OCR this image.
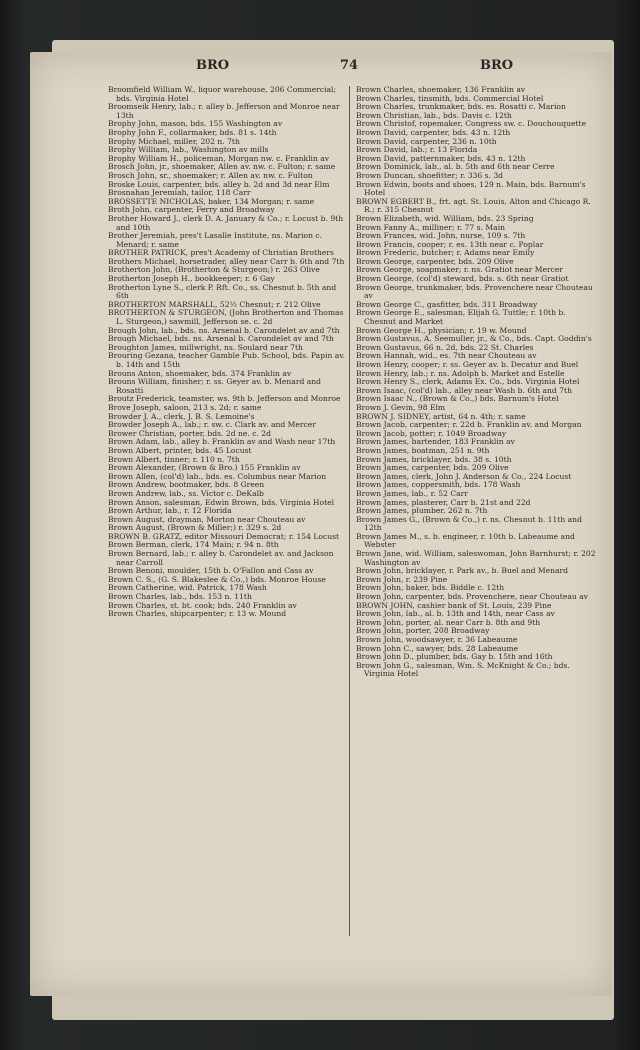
BRO	74	BRO
Broomfield William W., liquor warehouse, 206 Commercial; bds. Virginia Hotel
Broomseik Henry, lab.; r. alley b. Jefferson and Monroe near 13th
Brophy John, mason, bds. 155 Washington av
Brophy John F., collarmaker, bds. 81 s. 14th
Brophy Michael, miller, 202 n. 7th
Brophy William, lab., Washington av mills
Brophy William H., policeman, Morgan nw. c. Franklin av
Brosch John, jr., shoemaker, Allen av. nw. c. Fulton; r. same
Brosch John, sr., shoemaker; r. Allen av. nw. c. Fulton
Broske Louis, carpenter, bds. alley b. 2d and 3d near Elm
Brosnahan Jeremiah, tailor, 118 Carr
BROSSETTE NICHOLAS, baker, 134 Morgan; r. same
Broth John, carpenter, Ferry and Broadway
Brother Howard J., clerk D. A. January & Co.; r. Locust b. 9th and 10th
Brother Jeremiah, pres't Lasalle Institute, ns. Marion c. Menard; r. same
BROTHER PATRICK, pres't Academy of Christian Brothers
Brothers Michael, horsetrader, alley near Carr b. 6th and 7th
Brotherton John, (Brotherton & Sturgeon;) r. 263 Olive
Brotherton Joseph H., bookkeeper; r. 6 Gay
Brotherton Lyne S., clerk P. Rft. Co., ss. Chesnut b. 5th and 6th
BROTHERTON MARSHALL, 52½ Chesnut; r. 212 Olive
BROTHERTON & STURGEON, (John Brotherton and Thomas L. Sturgeon,) sawmill, Jefferson se. c. 2d
Brough John, lab., bds. ns. Arsenal b. Carondelet av and 7th
Brough Michael, bds. ns. Arsenal b. Carondelet av and 7th
Broughton James, millwright, ns. Soulard near 7th
Brouring Gezana, teacher Gamble Pub. School, bds. Papin av. b. 14th and 15th
Brouns Anton, shoemaker, bds. 374 Franklin av
Brouns William, finisher; r. ss. Geyer av. b. Menard and Rosatti
Broutz Frederick, teamster, ws. 9th b. Jefferson and Monroe
Brove Joseph, saloon, 213 s. 2d; r. same
Browder J. A., clerk, J. B. S. Lemoine's
Browder Joseph A., lab.; r. sw. c. Clark av. and Mercer
Brower Christian, porter, bds. 2d ne. c. 2d
Brown Adam, lab., alley b. Franklin av and Wash near 17th
Brown Albert, printer, bds. 45 Locust
Brown Albert, tinner; r. 110 n. 7th
Brown Alexander, (Brown & Bro.) 155 Franklin av
Brown Allen, (col'd) lab., bds. es. Columbus near Marion
Brown Andrew, bootmaker, bds. 8 Green
Brown Andrew, lab., ss. Victor c. DeKalb
Brown Anson, salesman, Edwin Brown, bds. Virginia Hotel
Brown Arthur, lab., r. 12 Florida
Brown August, drayman, Morton near Chouteau av
Brown August, (Brown & Miller;) r. 329 s. 2d
BROWN B. GRATZ, editor Missouri Democrat; r. 154 Locust
Brown Berman, clerk, 174 Main; r. 94 n. 8th
Brown Bernard, lab.; r. alley b. Carondelet av. and Jackson near Carroll
Brown Benoni, moulder, 15th b. O'Fallon and Cass av
Brown C. S., (G. S. Blakeslee & Co.,) bds. Monroe House
Brown Catherine, wid. Patrick, 178 Wash
Brown Charles, lab., bds. 153 n. 11th
Brown Charles, st. bt. cook; bds. 240 Franklin av
Brown Charles, shipcarpenter; r. 13 w. Mound
Brown Charles, shoemaker, 136 Franklin av
Brown Charles, tinsmith, bds. Commercial Hotel
Brown Charles, trunkmaker, bds. es. Rosatti c. Marion
Brown Christian, lab., bds. Davis c. 12th
Brown Christof, ropemaker, Congress sw. c. Douchouquette
Brown David, carpenter, bds. 43 n. 12th
Brown David, carpenter, 236 n. 10th
Brown David, lab.; r. 13 Florida
Brown David, patternmaker, bds. 43 n. 12th
Brown Dominick, lab., al. b. 5th and 6th near Cerre
Brown Duncan, shoefitter; r. 336 s. 3d
Brown Edwin, boots and shoes, 129 n. Main, bds. Barnum's Hotel
BROWN EGBERT B., frt. agt. St. Louis, Alton and Chicago R. R.; r. 315 Chesnut
Brown Elizabeth, wid. William, bds. 23 Spring
Brown Fanny A., milliner; r. 77 s. Main
Brown Frances, wid. John, nurse, 109 s. 7th
Brown Francis, cooper; r. es. 13th near c. Poplar
Brown Frederic, butcher; r. Adams near Emily
Brown George, carpenter, bds. 209 Olive
Brown George, soapmaker; r. ns. Gratiot near Mercer
Brown George, (col'd) steward, bds. s. 6th near Gratiot
Brown George, trunkmaker, bds. Provenchere near Chouteau av
Brown George C., gasfitter, bds. 311 Broadway
Brown George E., salesman, Elijah G. Tuttle; r. 10th b. Chesnut and Market
Brown George H., physician; r. 19 w. Mound
Brown Gustavus, A. Seemuller, jr., & Co., bds. Capt. Goddin's
Brown Gustavus, 66 n. 2d, bds. 22 St. Charles
Brown Hannah, wid., es. 7th near Chouteau av
Brown Henry, cooper; r. ss. Geyer av. b. Decatur and Buel
Brown Henry, lab.; r. ns. Adolph b. Market and Estelle
Brown Henry S., clerk, Adams Ex. Co., bds. Virginia Hotel
Brown Isaac, (col'd) lab., alley near Wash b. 6th and 7th
Brown Isaac N., (Brown & Co.,) bds. Barnum's Hotel
Brown J. Gevin, 98 Elm
BROWN J. SIDNEY, artist, 64 n. 4th; r. same
Brown Jacob, carpenter; r. 22d b. Franklin av. and Morgan
Brown Jacob, potter; r. 1049 Broadway
Brown James, bartender, 183 Franklin av
Brown James, boatman, 251 n. 9th
Brown James, bricklayer, bds. 38 s. 10th
Brown James, carpenter, bds. 209 Olive
Brown James, clerk, John J. Anderson & Co., 224 Locust
Brown James, coppersmith, bds. 178 Wash
Brown James, lab., r. 52 Carr
Brown James, plasterer, Carr b. 21st and 22d
Brown James, plumber, 262 n. 7th
Brown James G., (Brown & Co.,) r. ns. Chesnut b. 11th and 12th
Brown James M., s. b. engineer, r. 10th b. Labeaume and Webster
Brown Jane, wid. William, saleswoman, John Barnhurst; r. 202 Washington av
Brown John, bricklayer, r. Park av., b. Buel and Menard
Brown John, r. 239 Pine
Brown John, baker, bds. Biddle c. 12th
Brown John, carpenter, bds. Provenchere, near Chouteau av
BROWN JOHN, cashier bank of St. Louis, 239 Pine
Brown John, lab., al. b. 13th and 14th, near Cass av
Brown John, porter, al. near Carr b. 8th and 9th
Brown John, porter, 208 Broadway
Brown John, woodsawyer, r. 36 Labeaume
Brown John C., sawyer, bds. 28 Labeaume
Brown John D., plumber, bds. Gay b. 15th and 16th
Brown John G., salesman, Wm. S. McKnight & Co.; bds. Virginia Hotel
